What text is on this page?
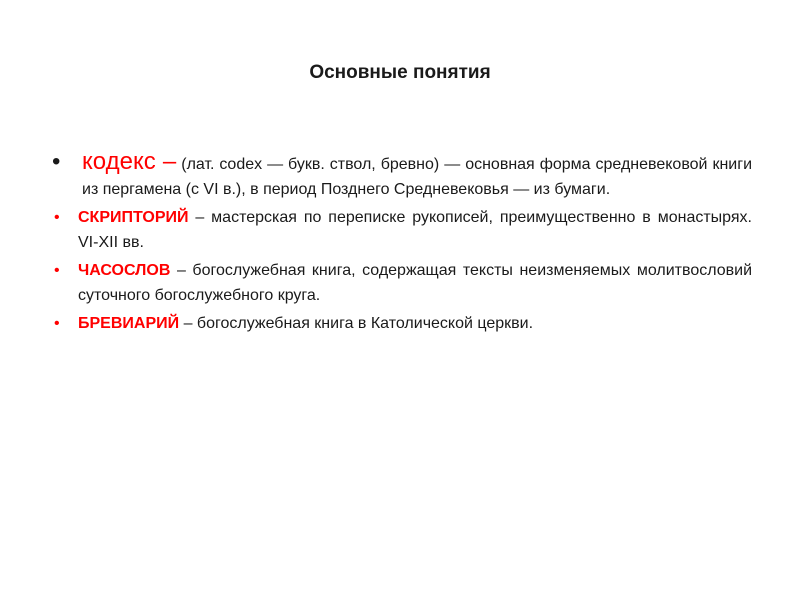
Основные понятия
• кодекс – (лат. codex — букв. ствол, бревно) — основная форма средневековой книги из пергамена (с VI в.), в период Позднего Средневековья — из бумаги.
• СКРИПТОРИЙ – мастерская по переписке рукописей, преимущественно в монастырях. VI-XII вв.
• ЧАСОСЛОВ – богослужебная книга, содержащая тексты неизменяемых молитвословий суточного богослужебного круга.
• БРЕВИАРИЙ – богослужебная книга в Католической церкви.
